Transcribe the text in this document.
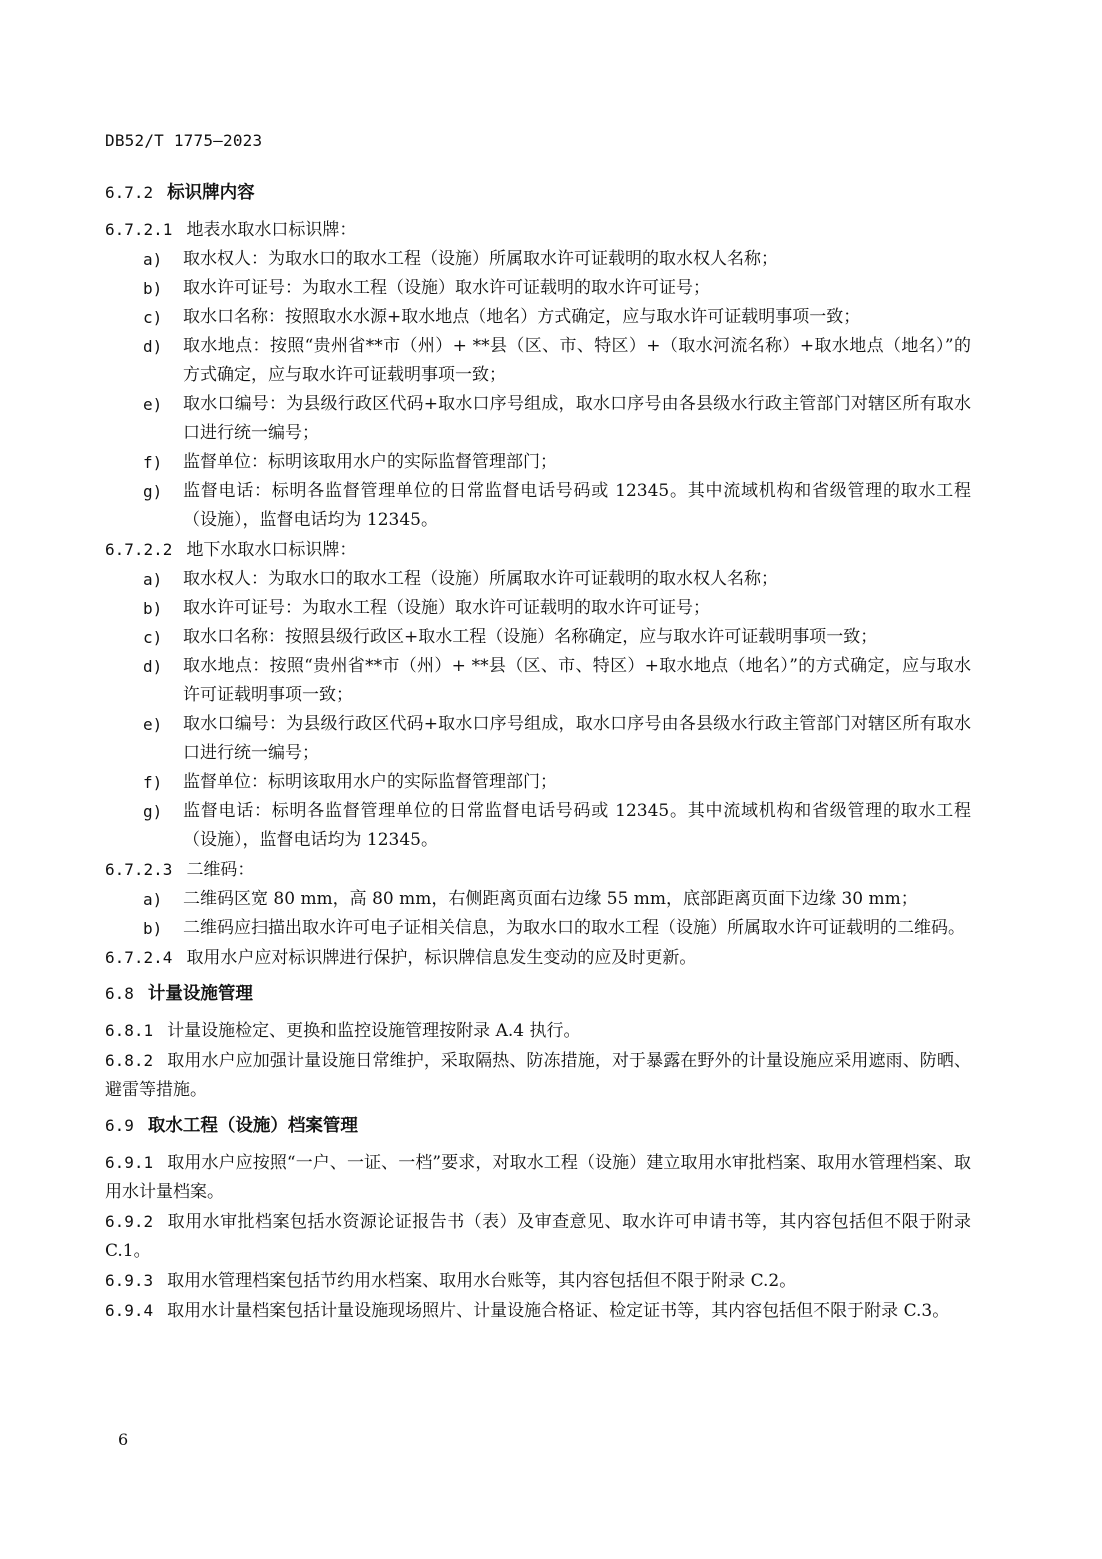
DB52/T 1775—2023
6.7.2 标识牌内容
6.7.2.1 地表水取水口标识牌：
a) 取水权人：为取水口的取水工程（设施）所属取水许可证载明的取水权人名称；
b) 取水许可证号：为取水工程（设施）取水许可证载明的取水许可证号；
c) 取水口名称：按照取水水源+取水地点（地名）方式确定，应与取水许可证载明事项一致；
d) 取水地点：按照“贵州省**市（州）+ **县（区、市、特区）+（取水河流名称）+取水地点（地名）”的方式确定，应与取水许可证载明事项一致；
e) 取水口编号：为县级行政区代码+取水口序号组成，取水口序号由各县级水行政主管部门对辖区所有取水口进行统一编号；
f) 监督单位：标明该取用水户的实际监督管理部门；
g) 监督电话：标明各监督管理单位的日常监督电话号码或 12345。其中流域机构和省级管理的取水工程（设施），监督电话均为 12345。
6.7.2.2 地下水取水口标识牌：
a) 取水权人：为取水口的取水工程（设施）所属取水许可证载明的取水权人名称；
b) 取水许可证号：为取水工程（设施）取水许可证载明的取水许可证号；
c) 取水口名称：按照县级行政区+取水工程（设施）名称确定，应与取水许可证载明事项一致；
d) 取水地点：按照“贵州省**市（州）+ **县（区、市、特区）+取水地点（地名）”的方式确定，应与取水许可证载明事项一致；
e) 取水口编号：为县级行政区代码+取水口序号组成，取水口序号由各县级水行政主管部门对辖区所有取水口进行统一编号；
f) 监督单位：标明该取用水户的实际监督管理部门；
g) 监督电话：标明各监督管理单位的日常监督电话号码或 12345。其中流域机构和省级管理的取水工程（设施），监督电话均为 12345。
6.7.2.3 二维码：
a) 二维码区宽 80 mm，高 80 mm，右侧距离页面右边缘 55 mm，底部距离页面下边缘 30 mm；
b) 二维码应扫描出取水许可电子证相关信息，为取水口的取水工程（设施）所属取水许可证载明的二维码。

6.7.2.4 取用水户应对标识牌进行保护，标识牌信息发生变动的应及时更新。

6.8 计量设施管理

6.8.1 计量设施检定、更换和监控设施管理按附录 A.4 执行。

6.8.2 取用水户应加强计量设施日常维护，采取隔热、防冻措施，对于暴露在野外的计量设施应采用遮雨、防晒、避雷等措施。

6.9 取水工程（设施）档案管理

6.9.1 取用水户应按照“一户、一证、一档”要求，对取水工程（设施）建立取用水审批档案、取用水管理档案、取用水计量档案。

6.9.2 取用水审批档案包括水资源论证报告书（表）及审查意见、取水许可申请书等，其内容包括但不限于附录 C.1。

6.9.3 取用水管理档案包括节约用水档案、取用水台账等，其内容包括但不限于附录 C.2。

6.9.4 取用水计量档案包括计量设施现场照片、计量设施合格证、检定证书等，其内容包括但不限于附录 C.3。

6
